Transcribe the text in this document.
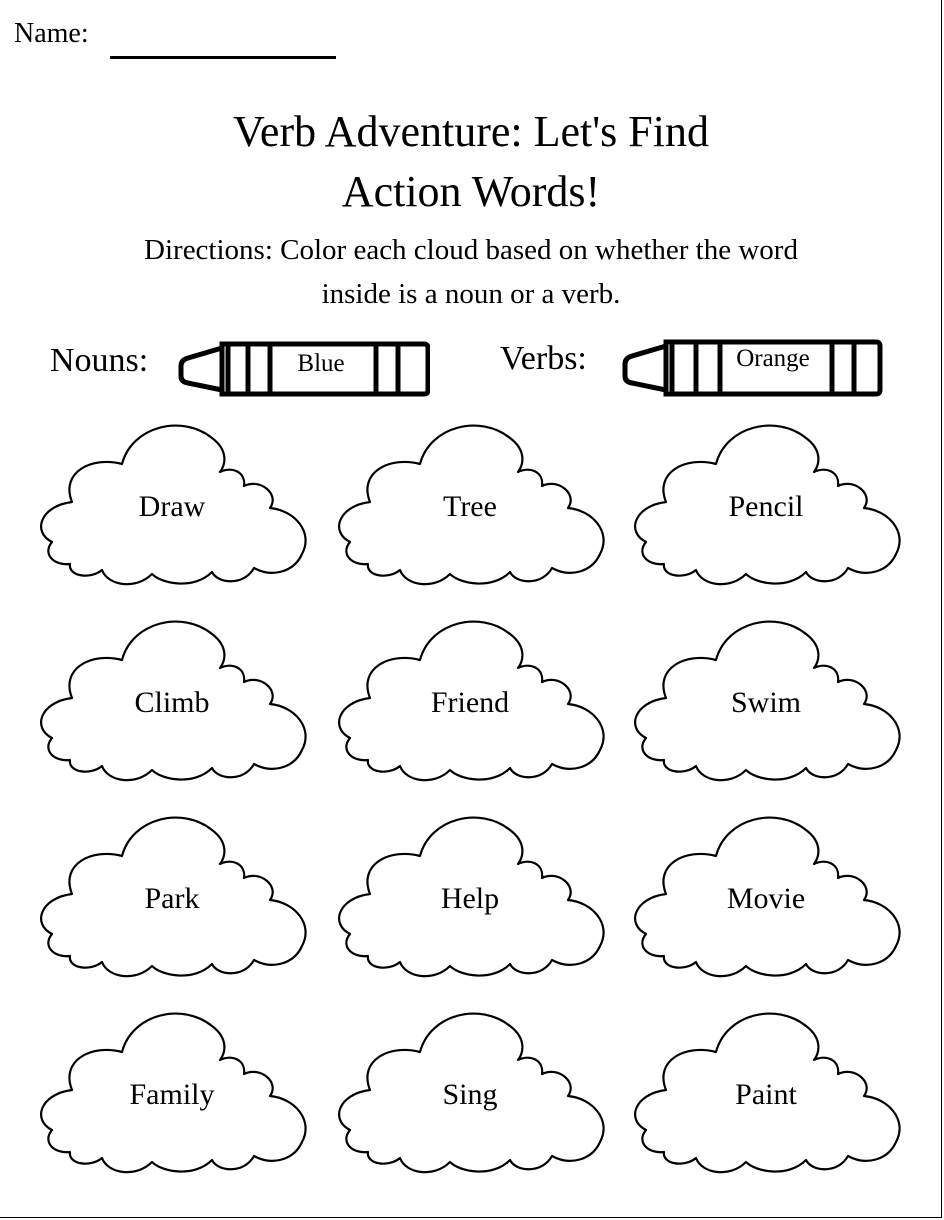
Name:
Verb Adventure: Let's Find
Action Words!
Directions: Color each cloud based on whether the word
inside is a noun or a verb.
Nouns:	Blue	Verbs:	Orange
Draw	Tree	Pencil
Climb	Friend	Swim
Park	Help	Movie
Family	Sing	Paint
